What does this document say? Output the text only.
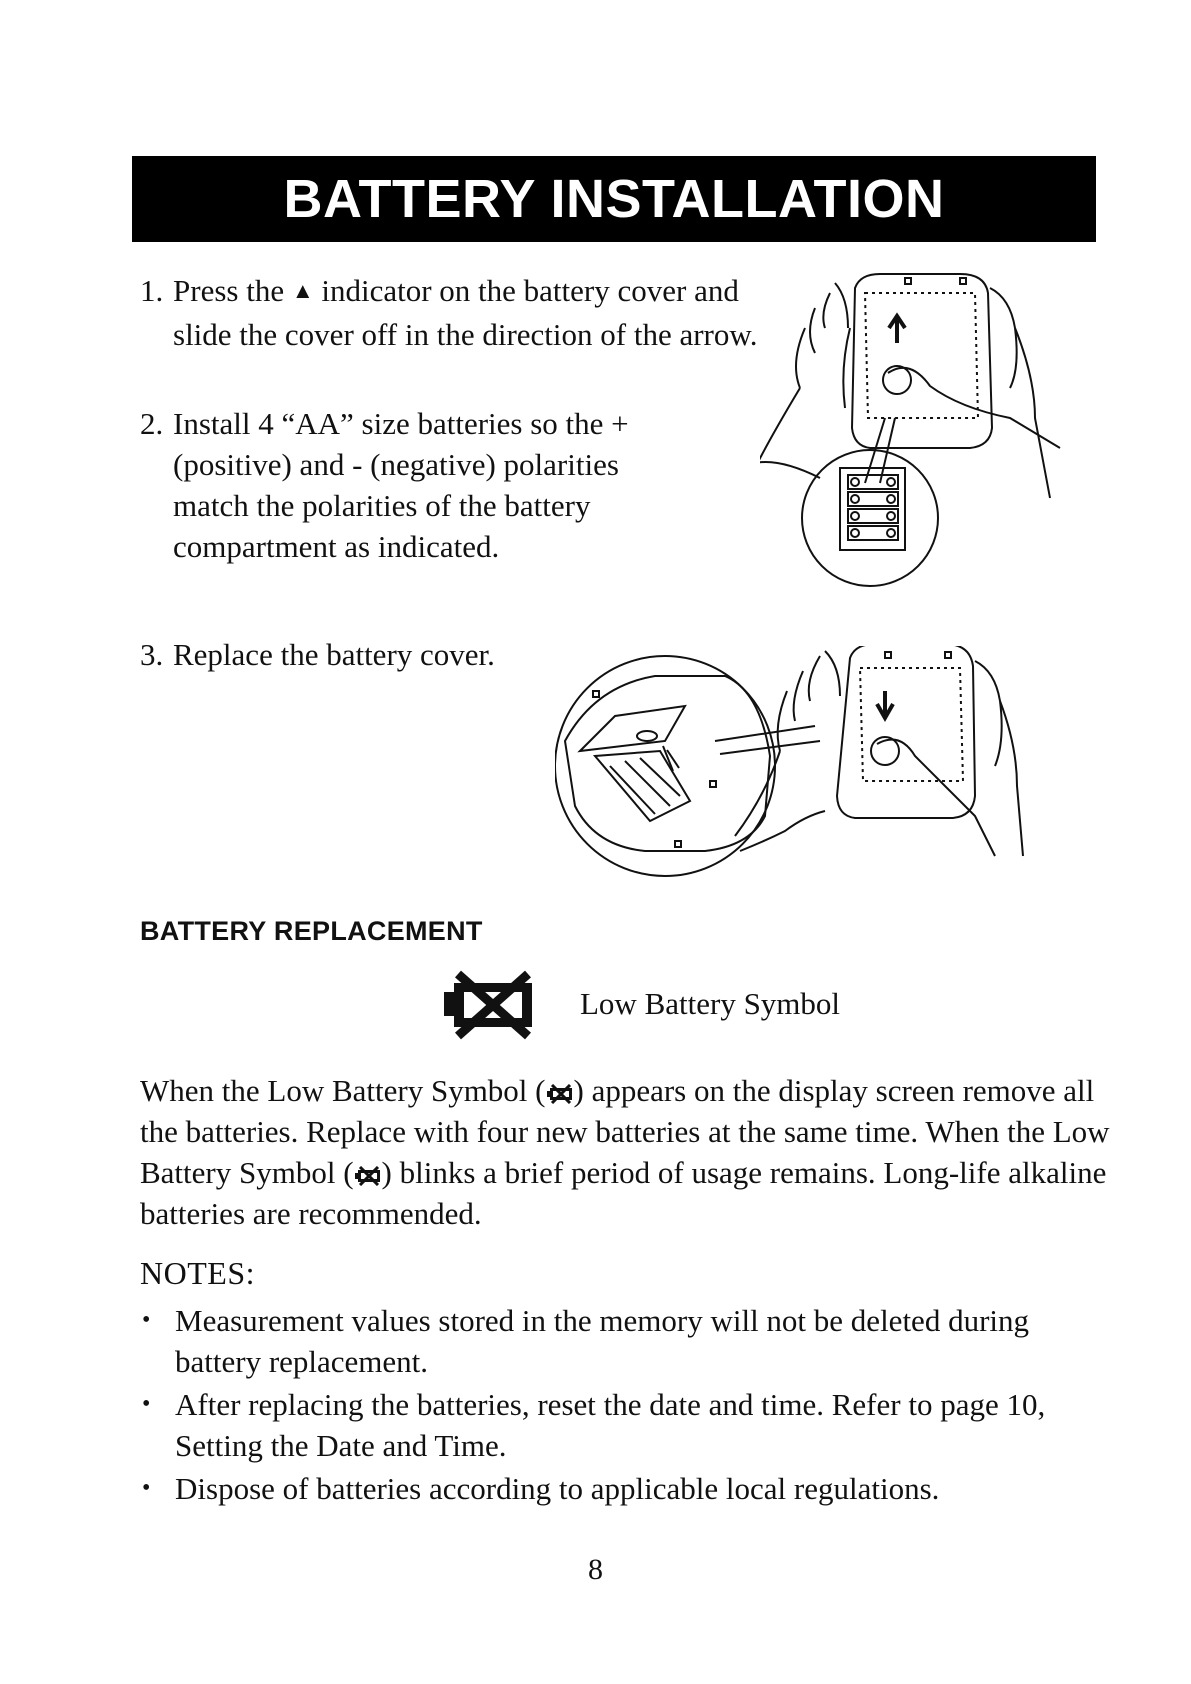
BATTERY INSTALLATION
1. Press the ▲ indicator on the battery cover and slide the cover off in the direction of the arrow.
2. Install 4 “AA” size batteries so the + (positive) and - (negative) polarities match the polarities of the battery compartment as indicated.
3. Replace the battery cover.
BATTERY REPLACEMENT
Low Battery Symbol
When the Low Battery Symbol ( ) appears on the display screen remove all the batteries. Replace with four new batteries at the same time. When the Low Battery Symbol ( ) blinks a brief period of usage remains. Long-life alkaline batteries are recommended.
NOTES:
• Measurement values stored in the memory will not be deleted during battery replacement.
• After replacing the batteries, reset the date and time. Refer to page 10, Setting the Date and Time.
• Dispose of batteries according to applicable local regulations.
8
